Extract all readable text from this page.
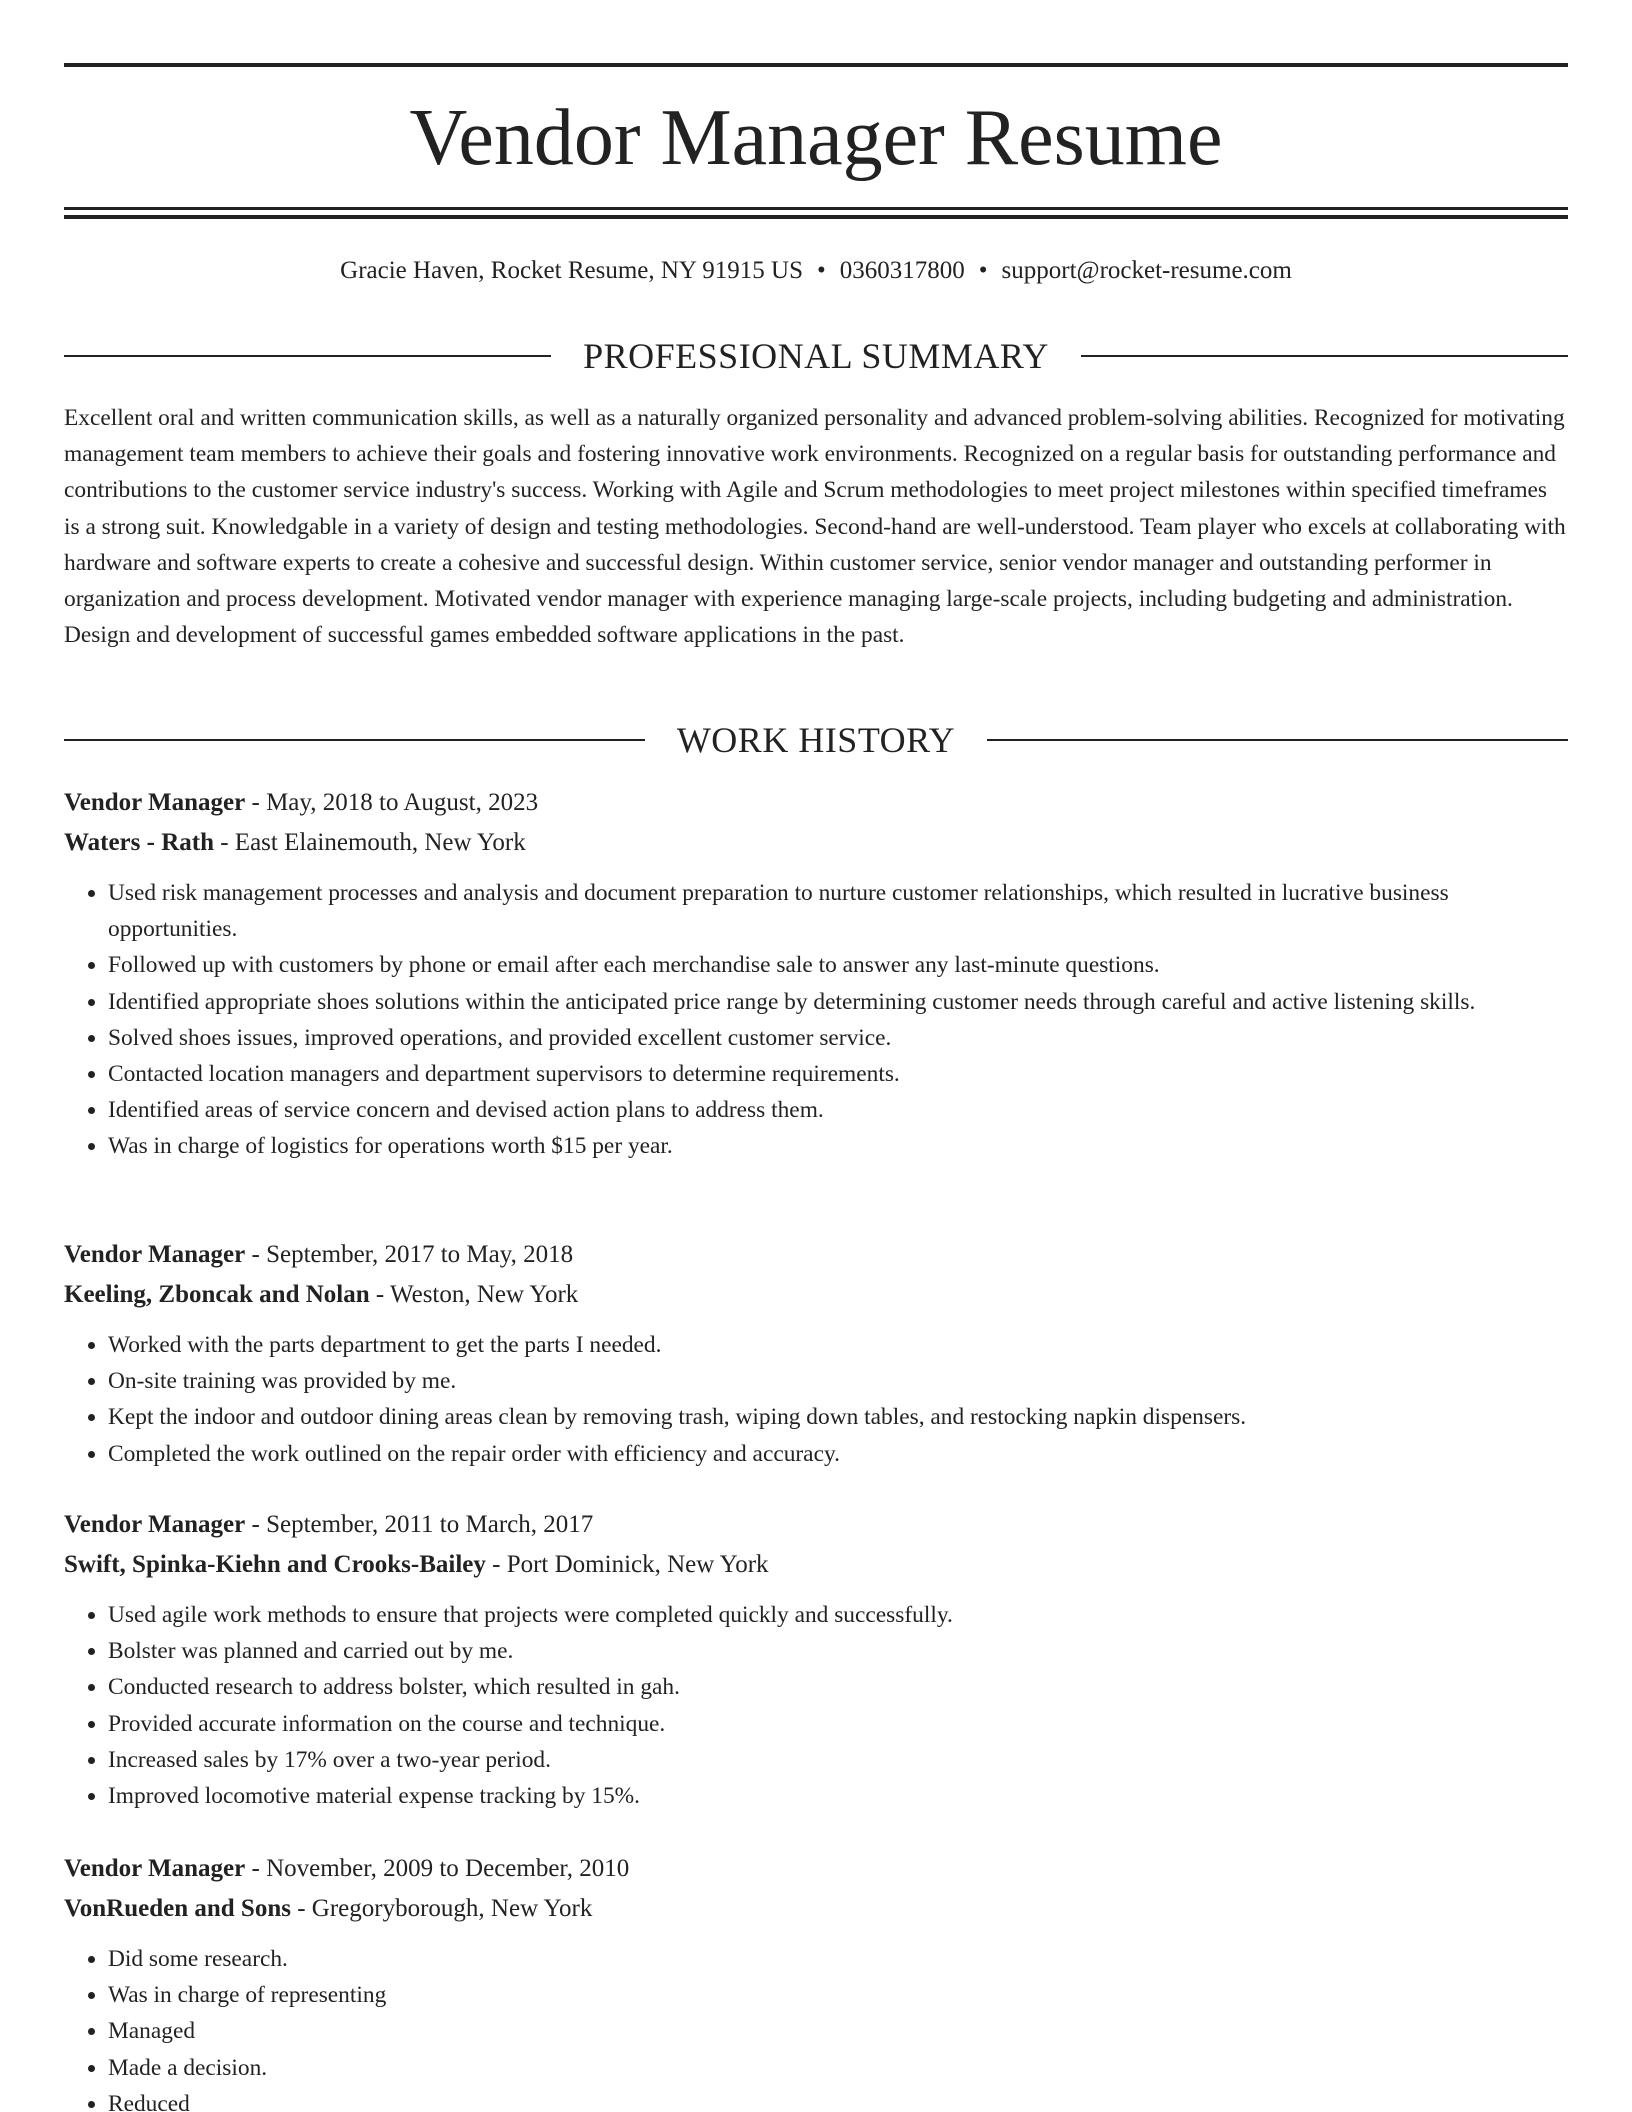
Vendor Manager Resume
Gracie Haven, Rocket Resume, NY 91915 US • 0360317800 • support@rocket-resume.com
PROFESSIONAL SUMMARY

Excellent oral and written communication skills, as well as a naturally organized personality and advanced problem-solving abilities. Recognized for motivating management team members to achieve their goals and fostering innovative work environments. Recognized on a regular basis for outstanding performance and contributions to the customer service industry's success. Working with Agile and Scrum methodologies to meet project milestones within specified timeframes is a strong suit. Knowledgable in a variety of design and testing methodologies. Second-hand are well-understood. Team player who excels at collaborating with hardware and software experts to create a cohesive and successful design. Within customer service, senior vendor manager and outstanding performer in organization and process development. Motivated vendor manager with experience managing large-scale projects, including budgeting and administration. Design and development of successful games embedded software applications in the past.

WORK HISTORY
Vendor Manager - May, 2018 to August, 2023
Waters - Rath - East Elainemouth, New York
• Used risk management processes and analysis and document preparation to nurture customer relationships, which resulted in lucrative business opportunities.
• Followed up with customers by phone or email after each merchandise sale to answer any last-minute questions.
• Identified appropriate shoes solutions within the anticipated price range by determining customer needs through careful and active listening skills.
• Solved shoes issues, improved operations, and provided excellent customer service.
• Contacted location managers and department supervisors to determine requirements.
• Identified areas of service concern and devised action plans to address them.
• Was in charge of logistics for operations worth $15 per year.
Vendor Manager - September, 2017 to May, 2018
Keeling, Zboncak and Nolan - Weston, New York
• Worked with the parts department to get the parts I needed.
• On-site training was provided by me.
• Kept the indoor and outdoor dining areas clean by removing trash, wiping down tables, and restocking napkin dispensers.
• Completed the work outlined on the repair order with efficiency and accuracy.
Vendor Manager - September, 2011 to March, 2017
Swift, Spinka-Kiehn and Crooks-Bailey - Port Dominick, New York
• Used agile work methods to ensure that projects were completed quickly and successfully.
• Bolster was planned and carried out by me.
• Conducted research to address bolster, which resulted in gah.
• Provided accurate information on the course and technique.
• Increased sales by 17% over a two-year period.
• Improved locomotive material expense tracking by 15%.
Vendor Manager - November, 2009 to December, 2010
VonRueden and Sons - Gregoryborough, New York
• Did some research.
• Was in charge of representing
• Managed
• Made a decision.
• Reduced
